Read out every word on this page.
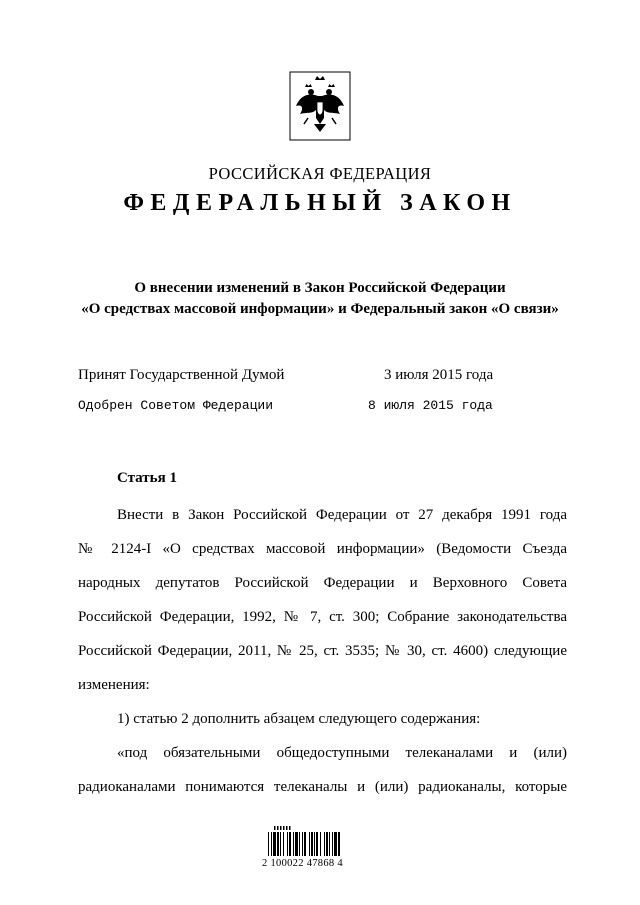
РОССИЙСКАЯ ФЕДЕРАЦИЯ
ФЕДЕРАЛЬНЫЙ ЗАКОН
О внесении изменений в Закон Российской Федерации
«О средствах массовой информации» и Федеральный закон «О связи»
Принят Государственной Думой	3 июля 2015 года
Одобрен Советом Федерации	8 июля 2015 года
Статья 1
Внести в Закон Российской Федерации от 27 декабря 1991 года
№ 2124-I «О средствах массовой информации» (Ведомости Съезда
народных депутатов Российской Федерации и Верховного Совета
Российской Федерации, 1992, № 7, ст. 300; Собрание законодательства
Российской Федерации, 2011, № 25, ст. 3535; № 30, ст. 4600) следующие
изменения:
1) статью 2 дополнить абзацем следующего содержания:
«под обязательными общедоступными телеканалами и (или)
радиоканалами понимаются телеканалы и (или) радиоканалы, которые
2 100022 47868 4
